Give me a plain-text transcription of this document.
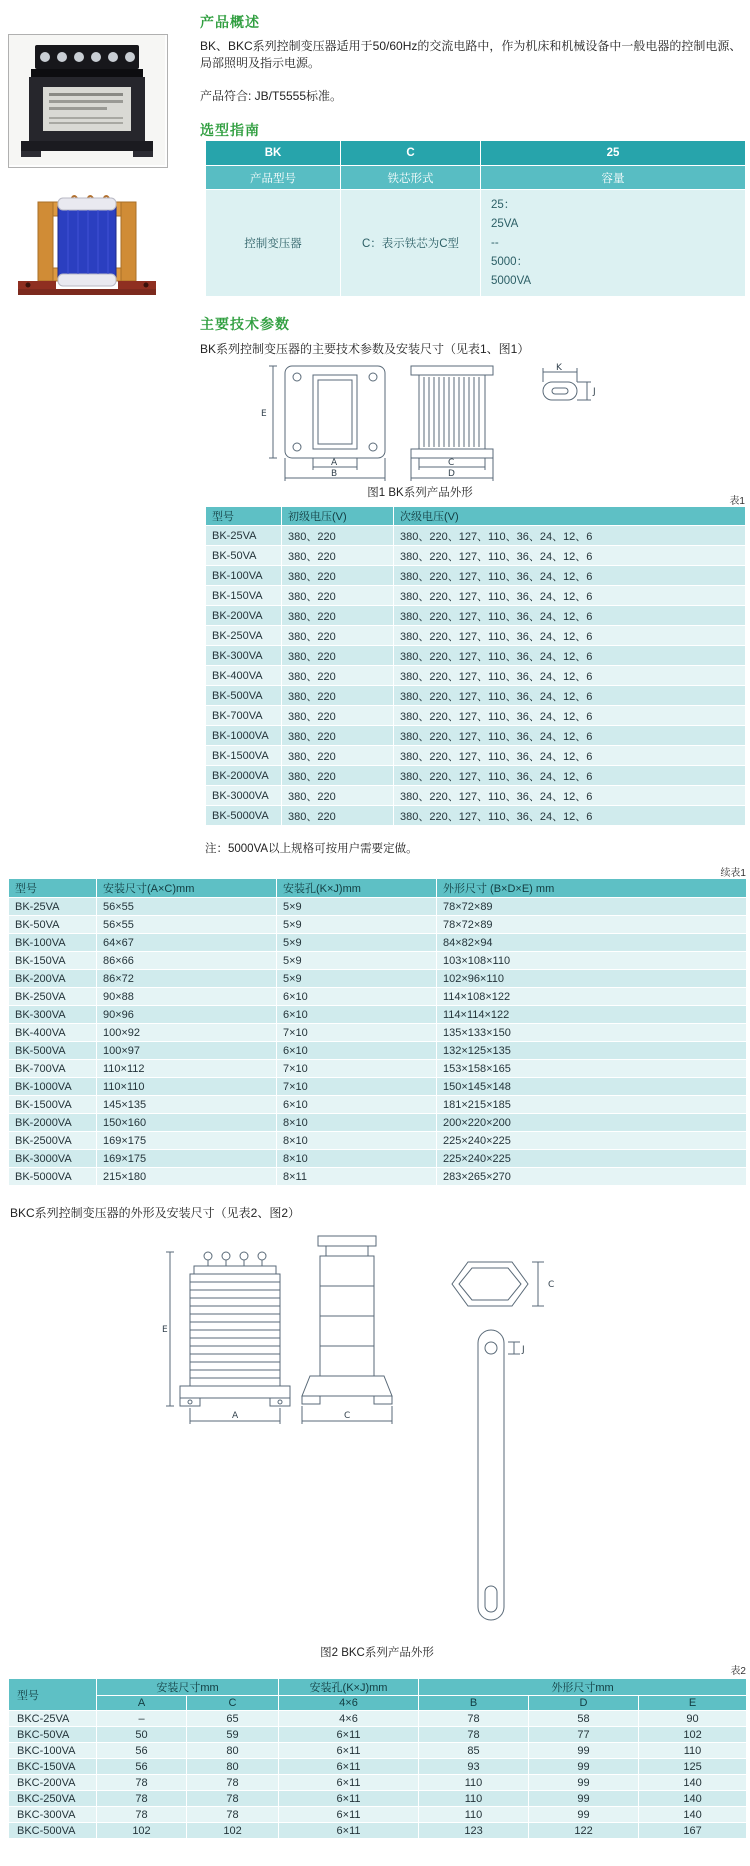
产品概述
BK、BKC系列控制变压器适用于50/60Hz的交流电路中，作为机床和机械设备中一般电器的控制电源、局部照明及指示电源。
产品符合: JB/T5555标准。
选型指南
BK	C	25
产品型号	铁芯形式	容量
控制变压器	C：表示铁芯为C型	25：
25VA
--
5000：
5000VA
主要技术参数
BK系列控制变压器的主要技术参数及安装尺寸（见表1、图1）
E
A
B
C
D
K
J
图1 BK系列产品外形
表1
型号	初级电压(V)	次级电压(V)
BK-25VA	380、220	380、220、127、110、36、24、12、6
BK-50VA	380、220	380、220、127、110、36、24、12、6
BK-100VA	380、220	380、220、127、110、36、24、12、6
BK-150VA	380、220	380、220、127、110、36、24、12、6
BK-200VA	380、220	380、220、127、110、36、24、12、6
BK-250VA	380、220	380、220、127、110、36、24、12、6
BK-300VA	380、220	380、220、127、110、36、24、12、6
BK-400VA	380、220	380、220、127、110、36、24、12、6
BK-500VA	380、220	380、220、127、110、36、24、12、6
BK-700VA	380、220	380、220、127、110、36、24、12、6
BK-1000VA	380、220	380、220、127、110、36、24、12、6
BK-1500VA	380、220	380、220、127、110、36、24、12、6
BK-2000VA	380、220	380、220、127、110、36、24、12、6
BK-3000VA	380、220	380、220、127、110、36、24、12、6
BK-5000VA	380、220	380、220、127、110、36、24、12、6
注：5000VA以上规格可按用户需要定做。
续表1
型号	安装尺寸(A×C)mm	安装孔(K×J)mm	外形尺寸 (B×D×E) mm
BK-25VA	56×55	5×9	78×72×89
BK-50VA	56×55	5×9	78×72×89
BK-100VA	64×67	5×9	84×82×94
BK-150VA	86×66	5×9	103×108×110
BK-200VA	86×72	5×9	102×96×110
BK-250VA	90×88	6×10	114×108×122
BK-300VA	90×96	6×10	114×114×122
BK-400VA	100×92	7×10	135×133×150
BK-500VA	100×97	6×10	132×125×135
BK-700VA	110×112	7×10	153×158×165
BK-1000VA	110×110	7×10	150×145×148
BK-1500VA	145×135	6×10	181×215×185
BK-2000VA	150×160	8×10	200×220×200
BK-2500VA	169×175	8×10	225×240×225
BK-3000VA	169×175	8×10	225×240×225
BK-5000VA	215×180	8×11	283×265×270
BKC系列控制变压器的外形及安装尺寸（见表2、图2）
E
A	C
C
J
图2 BKC系列产品外形
表2
型号	安装尺寸mm		安装孔(K×J)mm	外形尺寸mm		
	A	C	4×6	B	D	E
BKC-25VA	–	65	4×6	78	58	90
BKC-50VA	50	59	6×11	78	77	102
BKC-100VA	56	80	6×11	85	99	110
BKC-150VA	56	80	6×11	93	99	125
BKC-200VA	78	78	6×11	110	99	140
BKC-250VA	78	78	6×11	110	99	140
BKC-300VA	78	78	6×11	110	99	140
BKC-500VA	102	102	6×11	123	122	167
